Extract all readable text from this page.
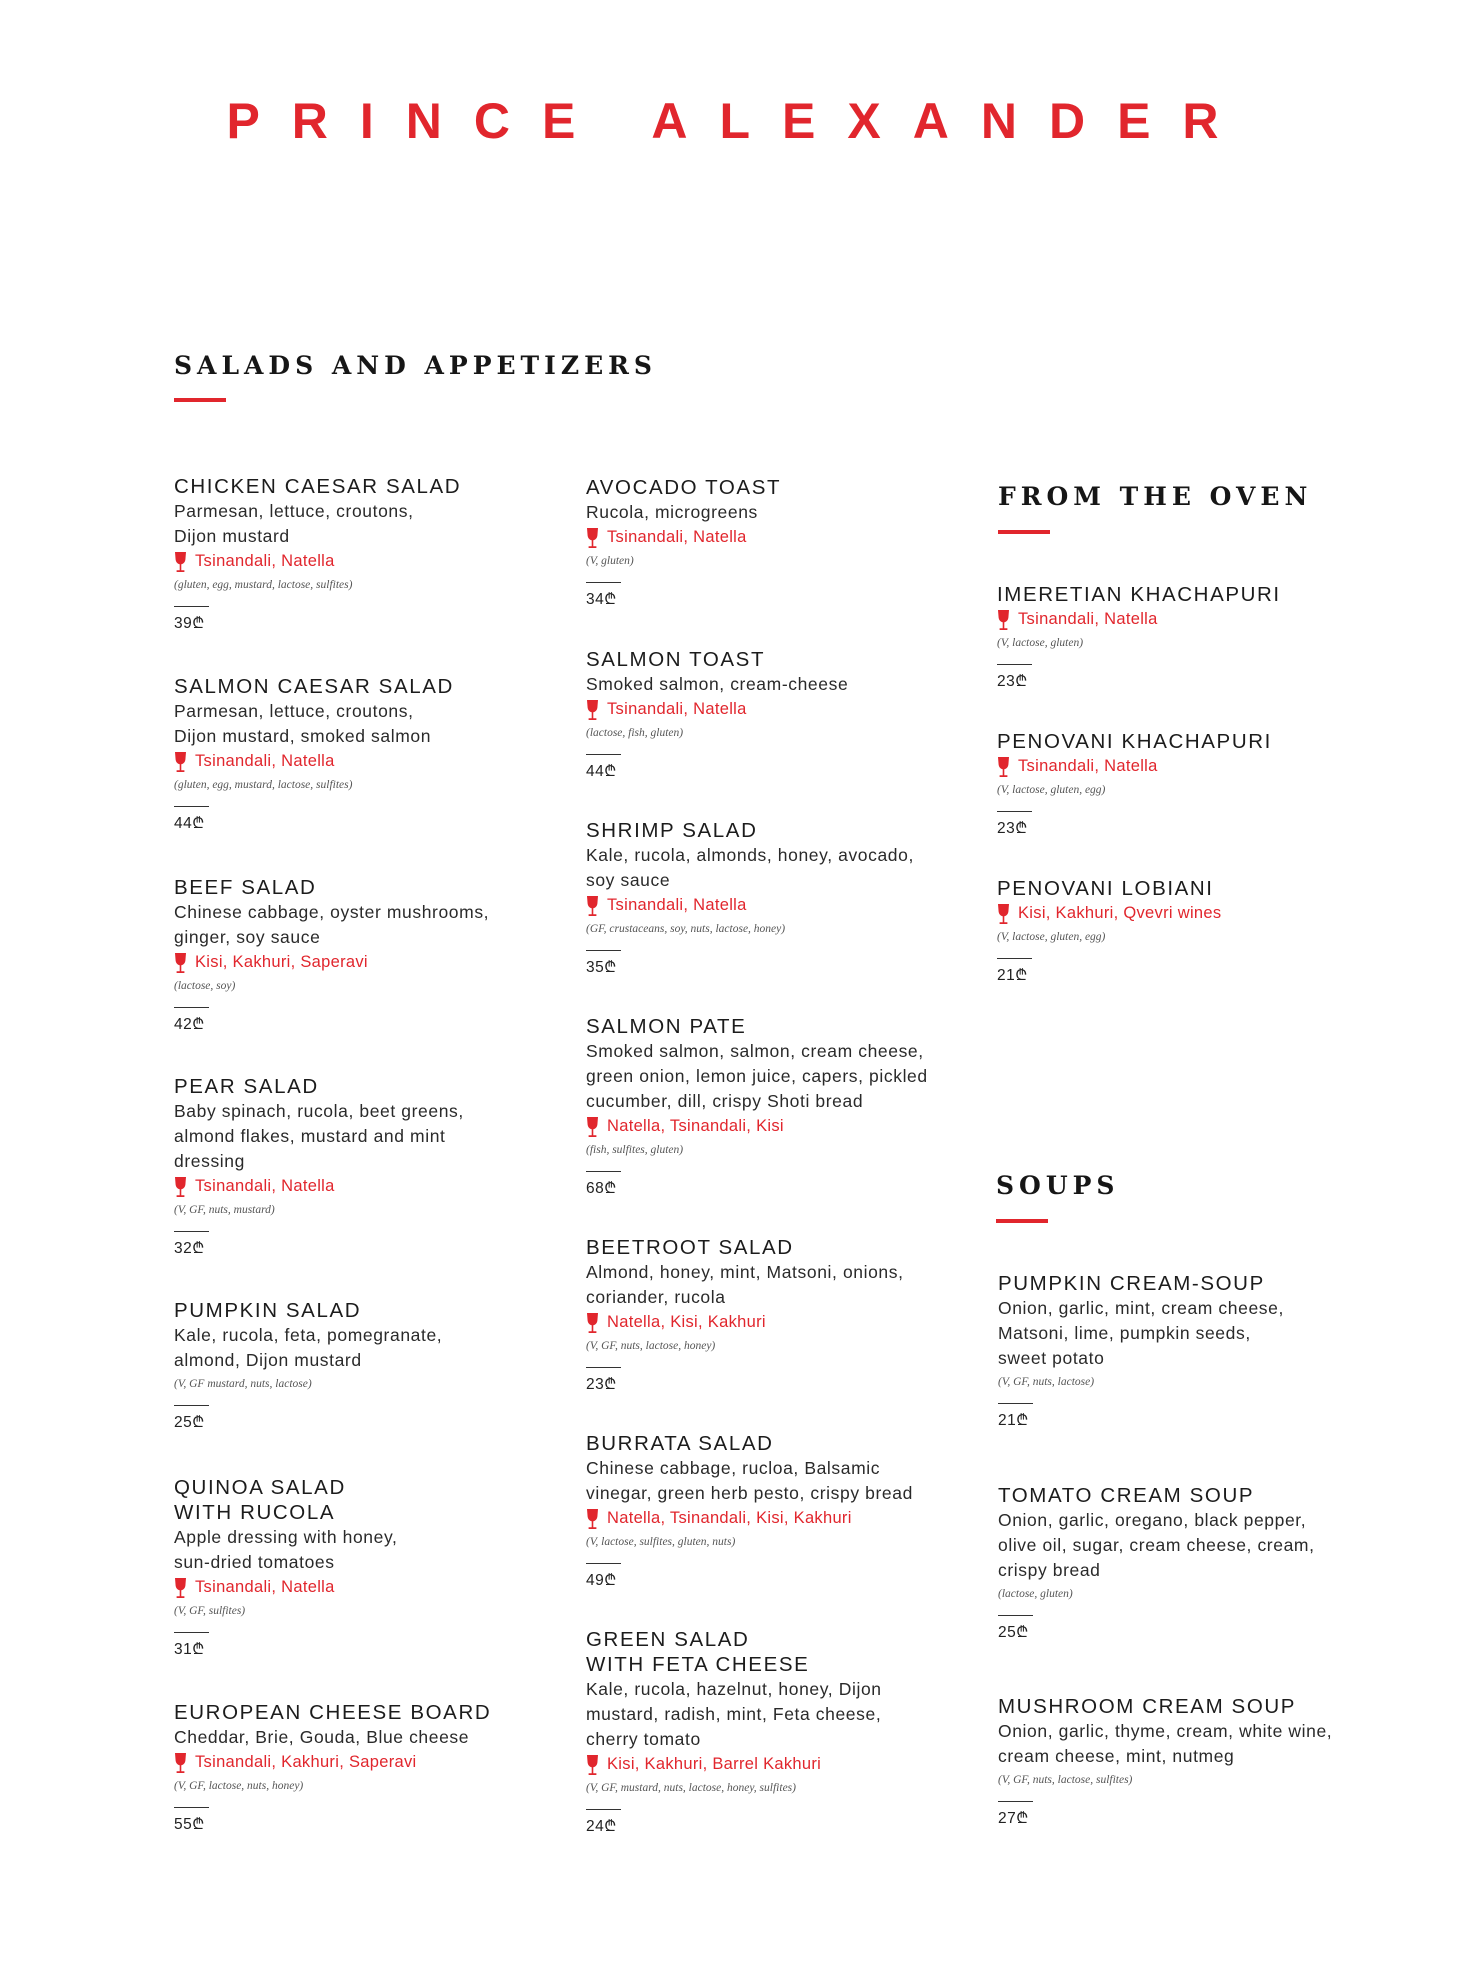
PRINCE ALEXANDER
SALADS AND APPETIZERS
FROM THE OVEN
SOUPS
CHICKEN CAESAR SALAD
Parmesan, lettuce, croutons,
Dijon mustard
Tsinandali, Natella
(gluten, egg, mustard, lactose, sulfites)
39₾
SALMON CAESAR SALAD
Parmesan, lettuce, croutons,
Dijon mustard, smoked salmon
Tsinandali, Natella
(gluten, egg, mustard, lactose, sulfites)
44₾
BEEF SALAD
Chinese cabbage, oyster mushrooms,
ginger, soy sauce
Kisi, Kakhuri, Saperavi
(lactose, soy)
42₾
PEAR SALAD
Baby spinach, rucola, beet greens,
almond flakes, mustard and mint
dressing
Tsinandali, Natella
(V, GF, nuts, mustard)
32₾
PUMPKIN SALAD
Kale, rucola, feta, pomegranate,
almond, Dijon mustard
(V, GF mustard, nuts, lactose)
25₾
QUINOA SALAD
WITH RUCOLA
Apple dressing with honey,
sun-dried tomatoes
Tsinandali, Natella
(V, GF, sulfites)
31₾
EUROPEAN CHEESE BOARD
Cheddar, Brie, Gouda, Blue cheese
Tsinandali, Kakhuri, Saperavi
(V, GF, lactose, nuts, honey)
55₾
AVOCADO TOAST
Rucola, microgreens
Tsinandali, Natella
(V, gluten)
34₾
SALMON TOAST
Smoked salmon, cream-cheese
Tsinandali, Natella
(lactose, fish, gluten)
44₾
SHRIMP SALAD
Kale, rucola, almonds, honey, avocado,
soy sauce
Tsinandali, Natella
(GF, crustaceans, soy, nuts, lactose, honey)
35₾
SALMON PATE
Smoked salmon, salmon, cream cheese,
green onion, lemon juice, capers, pickled
cucumber, dill, crispy Shoti bread
Natella, Tsinandali, Kisi
(fish, sulfites, gluten)
68₾
BEETROOT SALAD
Almond, honey, mint, Matsoni, onions,
coriander, rucola
Natella, Kisi, Kakhuri
(V, GF, nuts, lactose, honey)
23₾
BURRATA SALAD
Chinese cabbage, rucloa, Balsamic
vinegar, green herb pesto, crispy bread
Natella, Tsinandali, Kisi, Kakhuri
(V, lactose, sulfites, gluten, nuts)
49₾
GREEN SALAD
WITH FETA CHEESE
Kale, rucola, hazelnut, honey, Dijon
mustard, radish, mint, Feta cheese,
cherry tomato
Kisi, Kakhuri, Barrel Kakhuri
(V, GF, mustard, nuts, lactose, honey, sulfites)
24₾
IMERETIAN KHACHAPURI
Tsinandali, Natella
(V, lactose, gluten)
23₾
PENOVANI KHACHAPURI
Tsinandali, Natella
(V, lactose, gluten, egg)
23₾
PENOVANI LOBIANI
Kisi, Kakhuri, Qvevri wines
(V, lactose, gluten, egg)
21₾
PUMPKIN CREAM-SOUP
Onion, garlic, mint, cream cheese,
Matsoni, lime, pumpkin seeds,
sweet potato
(V, GF, nuts, lactose)
21₾
TOMATO CREAM SOUP
Onion, garlic, oregano, black pepper,
olive oil, sugar, cream cheese, cream,
crispy bread
(lactose, gluten)
25₾
MUSHROOM CREAM SOUP
Onion, garlic, thyme, cream, white wine,
cream cheese, mint, nutmeg
(V, GF, nuts, lactose, sulfites)
27₾
